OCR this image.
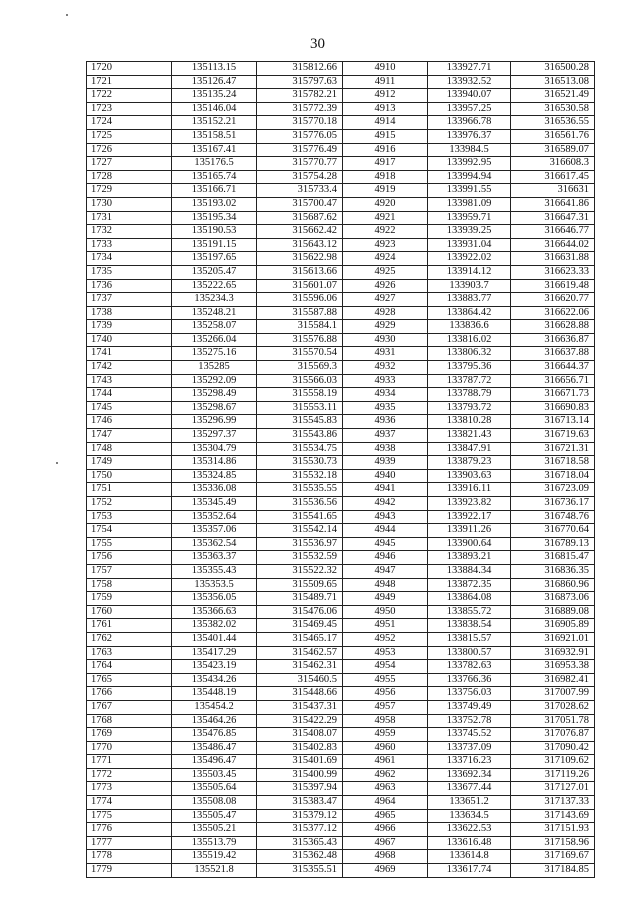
30
1720	135113.15	315812.66	4910	133927.71	316500.28
1721	135126.47	315797.63	4911	133932.52	316513.08
1722	135135.24	315782.21	4912	133940.07	316521.49
1723	135146.04	315772.39	4913	133957.25	316530.58
1724	135152.21	315770.18	4914	133966.78	316536.55
1725	135158.51	315776.05	4915	133976.37	316561.76
1726	135167.41	315776.49	4916	133984.5	316589.07
1727	135176.5	315770.77	4917	133992.95	316608.3
1728	135165.74	315754.28	4918	133994.94	316617.45
1729	135166.71	315733.4	4919	133991.55	316631
1730	135193.02	315700.47	4920	133981.09	316641.86
1731	135195.34	315687.62	4921	133959.71	316647.31
1732	135190.53	315662.42	4922	133939.25	316646.77
1733	135191.15	315643.12	4923	133931.04	316644.02
1734	135197.65	315622.98	4924	133922.02	316631.88
1735	135205.47	315613.66	4925	133914.12	316623.33
1736	135222.65	315601.07	4926	133903.7	316619.48
1737	135234.3	315596.06	4927	133883.77	316620.77
1738	135248.21	315587.88	4928	133864.42	316622.06
1739	135258.07	315584.1	4929	133836.6	316628.88
1740	135266.04	315576.88	4930	133816.02	316636.87
1741	135275.16	315570.54	4931	133806.32	316637.88
1742	135285	315569.3	4932	133795.36	316644.37
1743	135292.09	315566.03	4933	133787.72	316656.71
1744	135298.49	315558.19	4934	133788.79	316671.73
1745	135298.67	315553.11	4935	133793.72	316690.83
1746	135296.99	315545.83	4936	133810.28	316713.14
1747	135297.37	315543.86	4937	133821.43	316719.63
1748	135304.79	315534.75	4938	133847.91	316721.31
1749	135314.86	315530.73	4939	133879.23	316718.58
1750	135324.85	315532.18	4940	133903.63	316718.04
1751	135336.08	315535.55	4941	133916.11	316723.09
1752	135345.49	315536.56	4942	133923.82	316736.17
1753	135352.64	315541.65	4943	133922.17	316748.76
1754	135357.06	315542.14	4944	133911.26	316770.64
1755	135362.54	315536.97	4945	133900.64	316789.13
1756	135363.37	315532.59	4946	133893.21	316815.47
1757	135355.43	315522.32	4947	133884.34	316836.35
1758	135353.5	315509.65	4948	133872.35	316860.96
1759	135356.05	315489.71	4949	133864.08	316873.06
1760	135366.63	315476.06	4950	133855.72	316889.08
1761	135382.02	315469.45	4951	133838.54	316905.89
1762	135401.44	315465.17	4952	133815.57	316921.01
1763	135417.29	315462.57	4953	133800.57	316932.91
1764	135423.19	315462.31	4954	133782.63	316953.38
1765	135434.26	315460.5	4955	133766.36	316982.41
1766	135448.19	315448.66	4956	133756.03	317007.99
1767	135454.2	315437.31	4957	133749.49	317028.62
1768	135464.26	315422.29	4958	133752.78	317051.78
1769	135476.85	315408.07	4959	133745.52	317076.87
1770	135486.47	315402.83	4960	133737.09	317090.42
1771	135496.47	315401.69	4961	133716.23	317109.62
1772	135503.45	315400.99	4962	133692.34	317119.26
1773	135505.64	315397.94	4963	133677.44	317127.01
1774	135508.08	315383.47	4964	133651.2	317137.33
1775	135505.47	315379.12	4965	133634.5	317143.69
1776	135505.21	315377.12	4966	133622.53	317151.93
1777	135513.79	315365.43	4967	133616.48	317158.96
1778	135519.42	315362.48	4968	133614.8	317169.67
1779	135521.8	315355.51	4969	133617.74	317184.85
